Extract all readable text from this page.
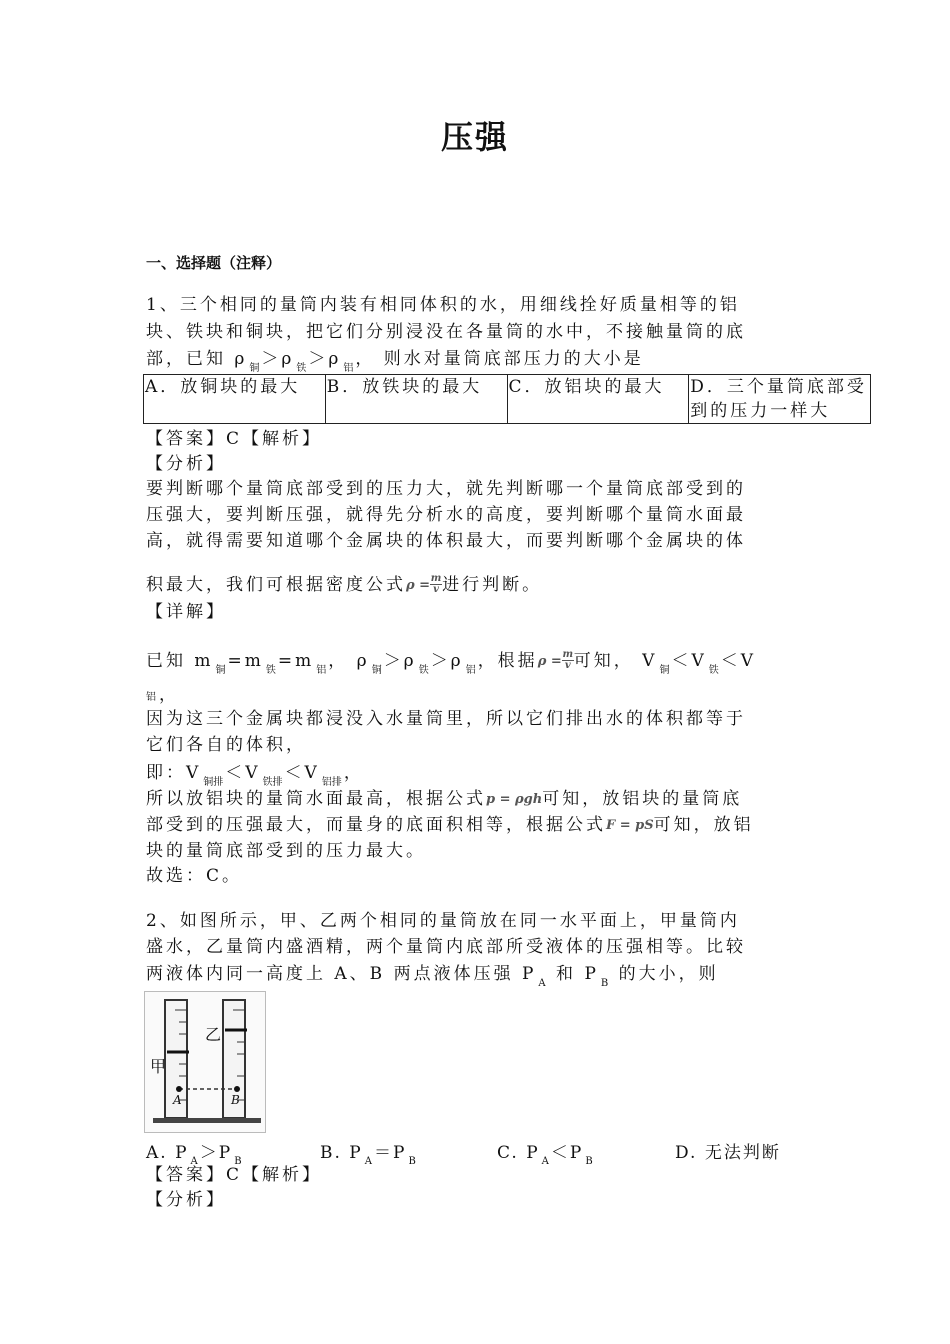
压强
一、选择题（注释）
1、三个相同的量筒内装有相同体积的水，用细线拴好质量相等的铝
块、铁块和铜块，把它们分别浸没在各量筒的水中，不接触量筒的底
部，已知 ρ $_铜$ ＞ρ $_铁$ ＞ρ $_铝$ ， 则水对量筒底部压力的大小是
A．放铜块的最大	B．放铁块的最大	C．放铝块的最大	D．三个量筒底部受到的压力一样大
【答案】C【解析】
【分析】
要判断哪个量筒底部受到的压力大，就先判断哪一个量筒底部受到的
压强大，要判断压强，就得先分析水的高度，要判断哪个量筒水面最
高，就得需要知道哪个金属块的体积最大，而要判断哪个金属块的体
积最大，我们可根据密度公式$\rho = \frac{m}{v}$ 进行判断。
【详解】
已知 m $_铜$ =m $_铁$ =m $_铝$ ， ρ $_铜$ ＞ρ $_铁$ ＞ρ $_铝$ ，根据$\rho = \frac{m}{v}$ 可知， V $_铜$ ＜V $_铁$ ＜V
铝，
因为这三个金属块都浸没入水量筒里，所以它们排出水的体积都等于
它们各自的体积，
即：V $_{铜排}$ ＜V $_{铁排}$ ＜V $_{铝排}$ ，
所以放铝块的量筒水面最高，根据公式p = ρgh可知，放铝块的量筒底
部受到的压强最大，而量身的底面积相等，根据公式F = pS可知，放铝
块的量筒底部受到的压力最大。
故选：C。
2、如图所示，甲、乙两个相同的量筒放在同一水平面上，甲量筒内
盛水，乙量筒内盛酒精，两个量筒内底部所受液体的压强相等。比较
两液体内同一高度上 A、B 两点液体压强 P $_A$ 和 P $_B$ 的大小，则
甲
乙
A	B
A. P $_A$ ＞P $_B$	B. P $_A$ ＝P $_B$	C. P $_A$ ＜P $_B$	D. 无法判断
【答案】C【解析】
【分析】
